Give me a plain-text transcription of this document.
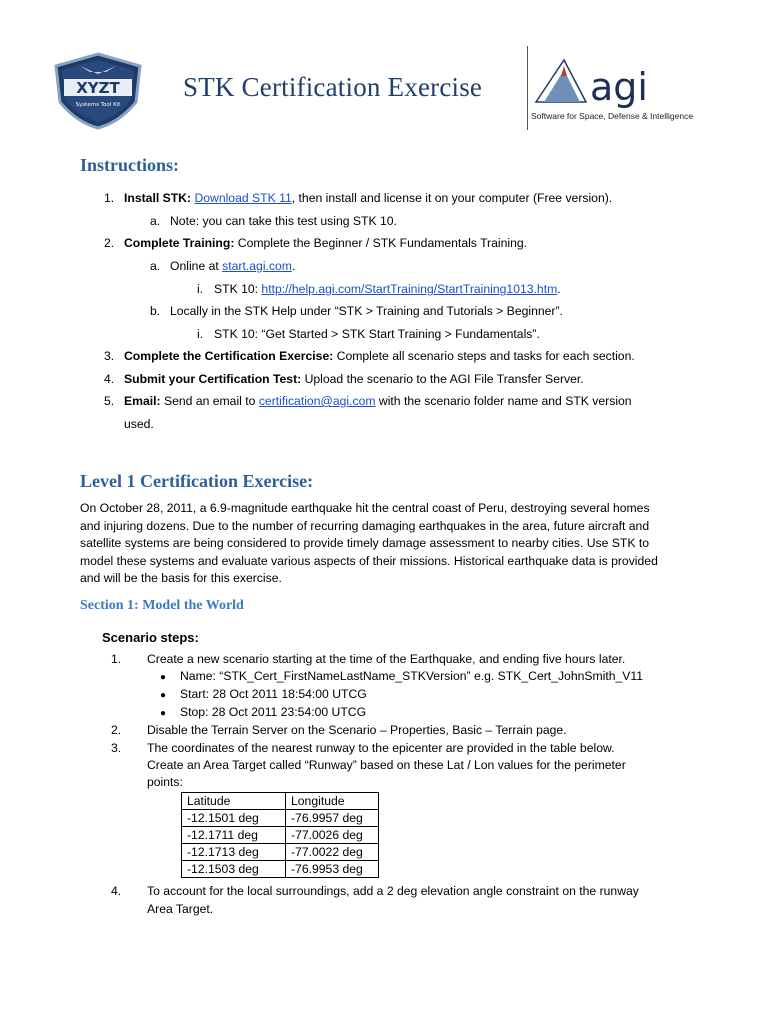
XYZT
Systems Tool Kit
STK Certification Exercise	agi
Software for Space, Defense & Intelligence
Instructions:
1. Install STK: Download STK 11, then install and license it on your computer (Free version).
a. Note: you can take this test using STK 10.
2. Complete Training: Complete the Beginner / STK Fundamentals Training.
a. Online at start.agi.com.
i. STK 10: http://help.agi.com/StartTraining/StartTraining1013.htm.
b. Locally in the STK Help under “STK > Training and Tutorials > Beginner”.
i. STK 10: “Get Started > STK Start Training > Fundamentals”.
3. Complete the Certification Exercise: Complete all scenario steps and tasks for each section.
4. Submit your Certification Test: Upload the scenario to the AGI File Transfer Server.
5. Email: Send an email to certification@agi.com with the scenario folder name and STK version
used.
Level 1 Certification Exercise:
On October 28, 2011, a 6.9-magnitude earthquake hit the central coast of Peru, destroying several homes
and injuring dozens. Due to the number of recurring damaging earthquakes in the area, future aircraft and
satellite systems are being considered to provide timely damage assessment to nearby cities. Use STK to
model these systems and evaluate various aspects of their missions. Historical earthquake data is provided
and will be the basis for this exercise.
Section 1: Model the World
Scenario steps:
1. Create a new scenario starting at the time of the Earthquake, and ending five hours later.
● Name: “STK_Cert_FirstNameLastName_STKVersion” e.g. STK_Cert_JohnSmith_V11
● Start: 28 Oct 2011 18:54:00 UTCG
● Stop: 28 Oct 2011 23:54:00 UTCG
2. Disable the Terrain Server on the Scenario – Properties, Basic – Terrain page.
3. The coordinates of the nearest runway to the epicenter are provided in the table below.
Create an Area Target called “Runway” based on these Lat / Lon values for the perimeter
points:
Latitude	Longitude
-12.1501 deg	-76.9957 deg
-12.1711 deg	-77.0026 deg
-12.1713 deg	-77.0022 deg
-12.1503 deg	-76.9953 deg
4. To account for the local surroundings, add a 2 deg elevation angle constraint on the runway
Area Target.
